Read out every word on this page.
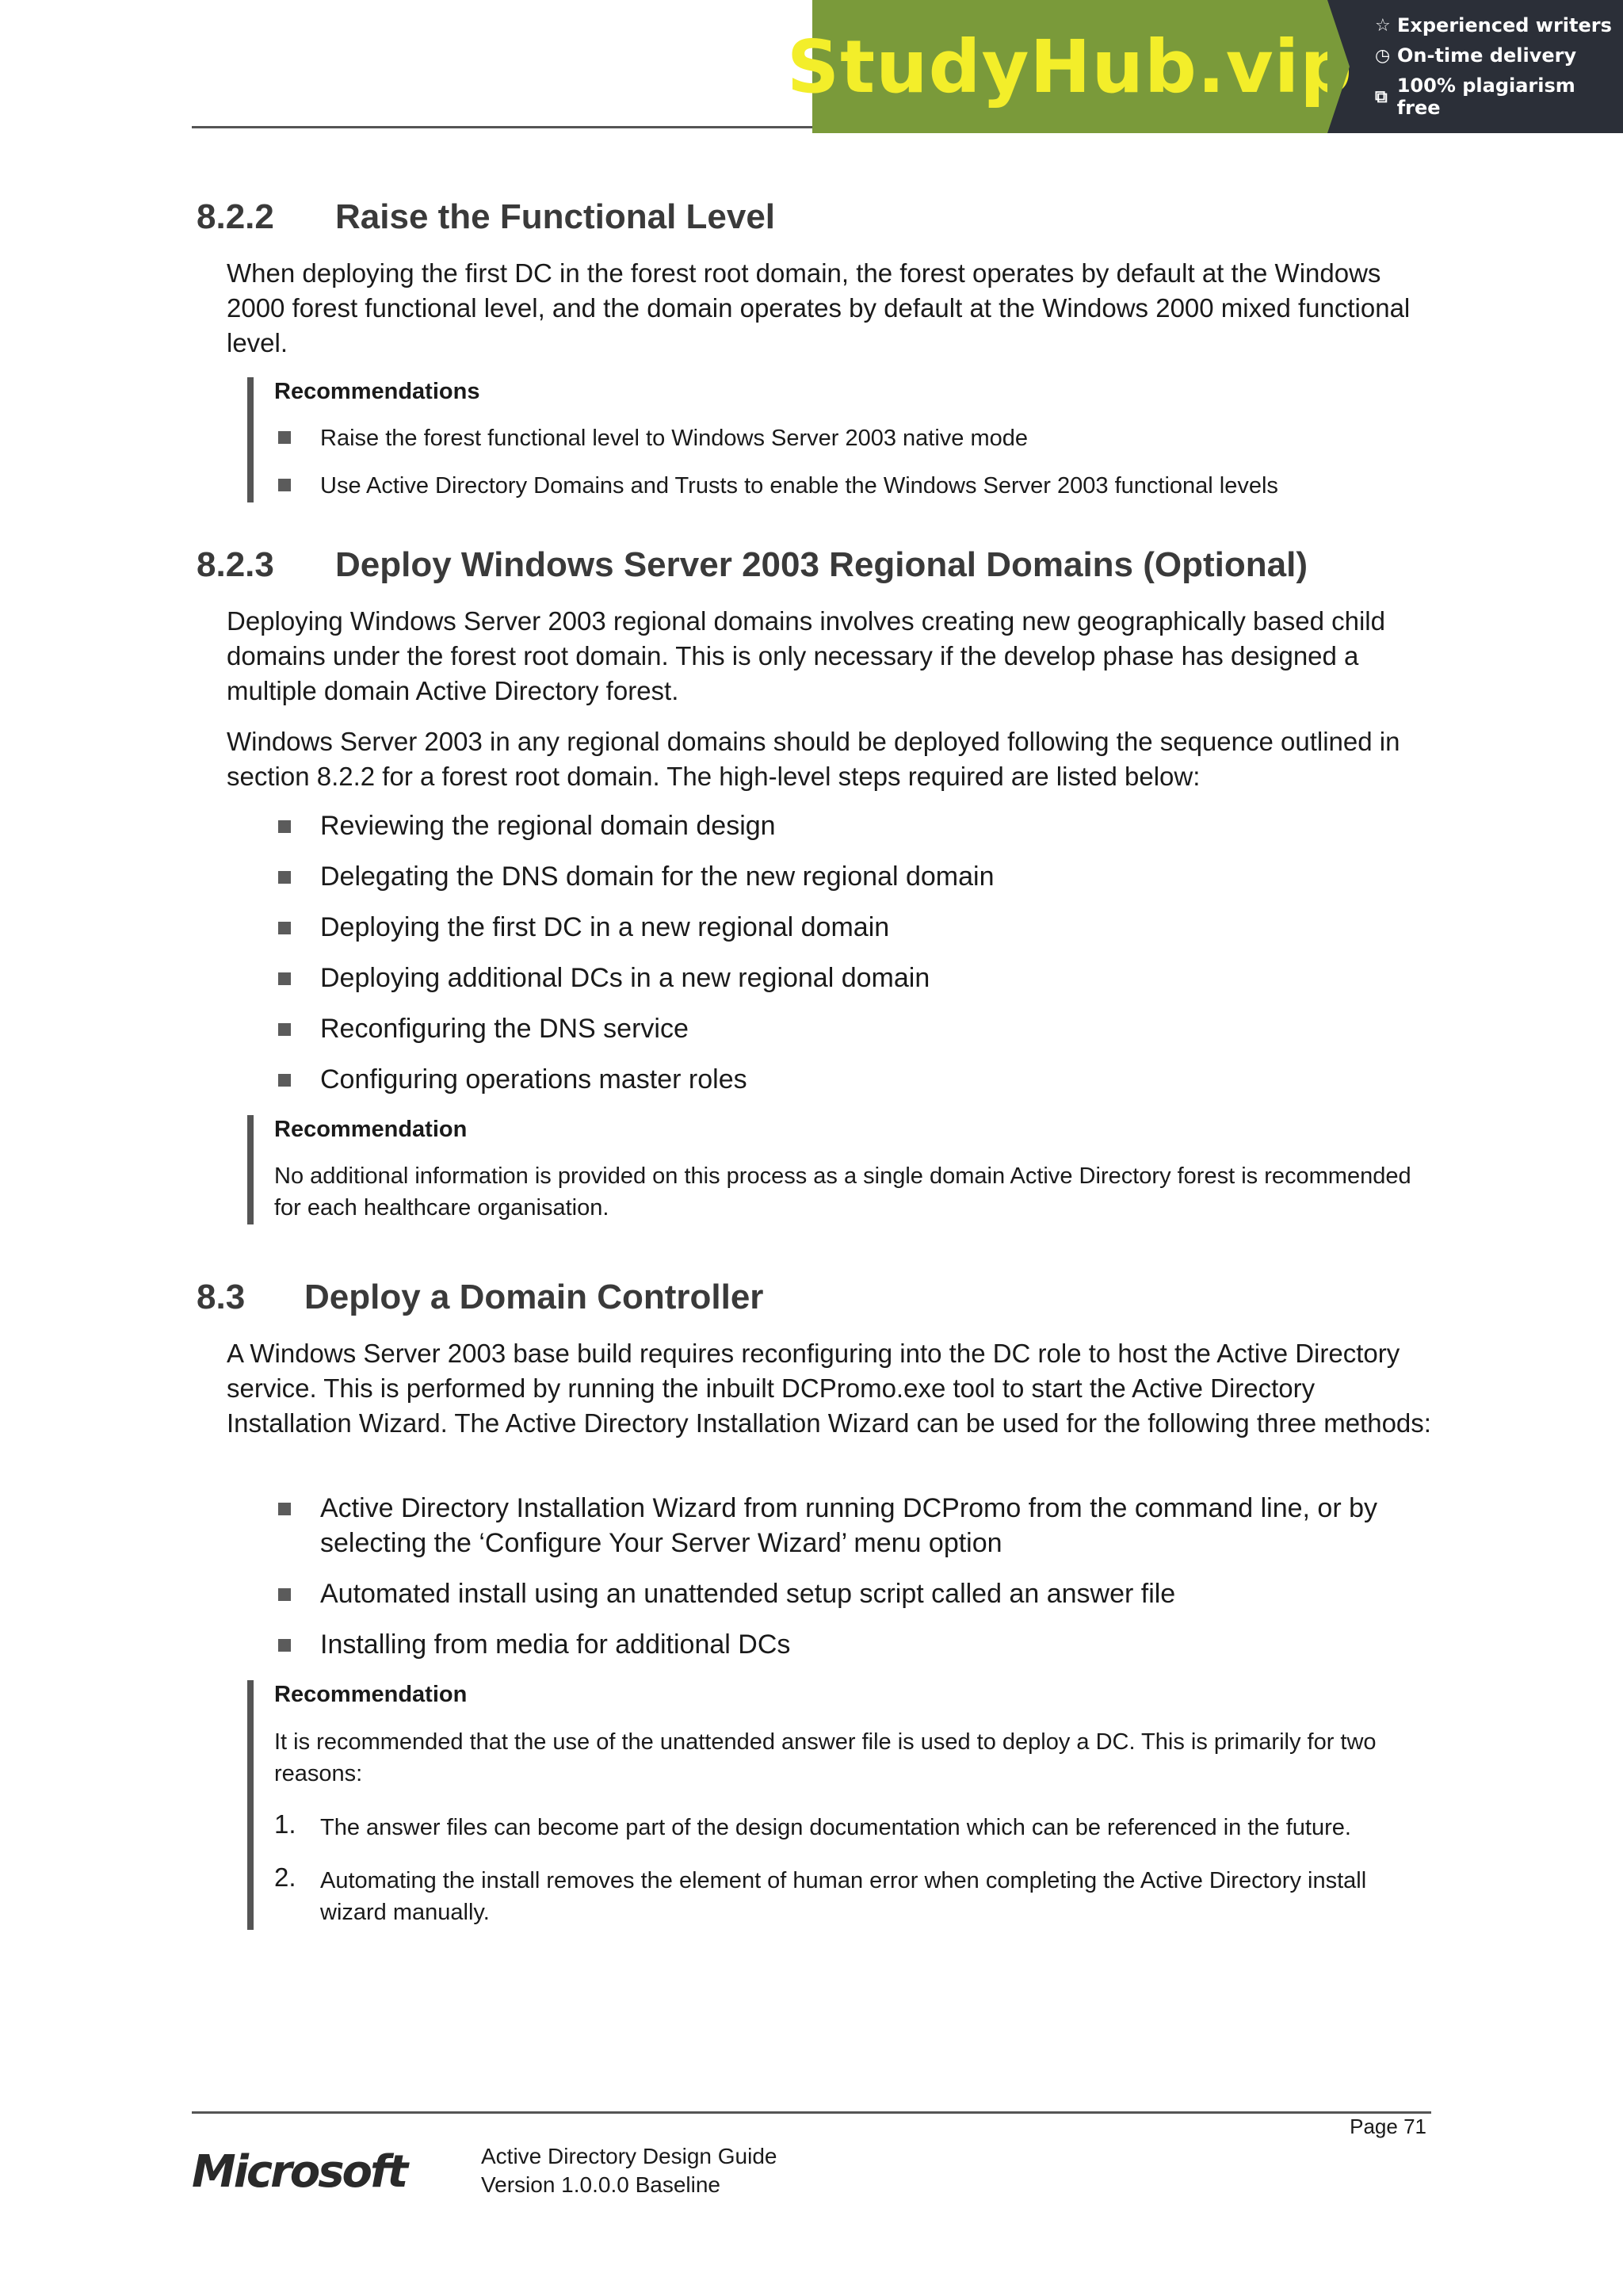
StudyHub.vip ☆ Experienced writers
◷ On-time delivery
⧉ 100% plagiarism free
8.2.2 Raise the Functional Level

When deploying the first DC in the forest root domain, the forest operates by default at the Windows 2000 forest functional level, and the domain operates by default at the Windows 2000 mixed functional level.

Recommendations
Raise the forest functional level to Windows Server 2003 native mode
Use Active Directory Domains and Trusts to enable the Windows Server 2003 functional levels
8.2.3 Deploy Windows Server 2003 Regional Domains (Optional)

Deploying Windows Server 2003 regional domains involves creating new geographically based child domains under the forest root domain. This is only necessary if the develop phase has designed a multiple domain Active Directory forest.

Windows Server 2003 in any regional domains should be deployed following the sequence outlined in section 8.2.2 for a forest root domain. The high-level steps required are listed below:

Reviewing the regional domain design
Delegating the DNS domain for the new regional domain
Deploying the first DC in a new regional domain
Deploying additional DCs in a new regional domain
Reconfiguring the DNS service
Configuring operations master roles
Recommendation

No additional information is provided on this process as a single domain Active Directory forest is recommended for each healthcare organisation.

8.3 Deploy a Domain Controller

A Windows Server 2003 base build requires reconfiguring into the DC role to host the Active Directory service. This is performed by running the inbuilt DCPromo.exe tool to start the Active Directory Installation Wizard. The Active Directory Installation Wizard can be used for the following three methods:

Active Directory Installation Wizard from running DCPromo from the command line, or by selecting the ‘Configure Your Server Wizard’ menu option
Automated install using an unattended setup script called an answer file
Installing from media for additional DCs
Recommendation

It is recommended that the use of the unattended answer file is used to deploy a DC. This is primarily for two reasons:

1. The answer files can become part of the design documentation which can be referenced in the future.
2. Automating the install removes the element of human error when completing the Active Directory install wizard manually.
Page 71
Microsoft	Active Directory Design Guide
Version 1.0.0.0 Baseline
